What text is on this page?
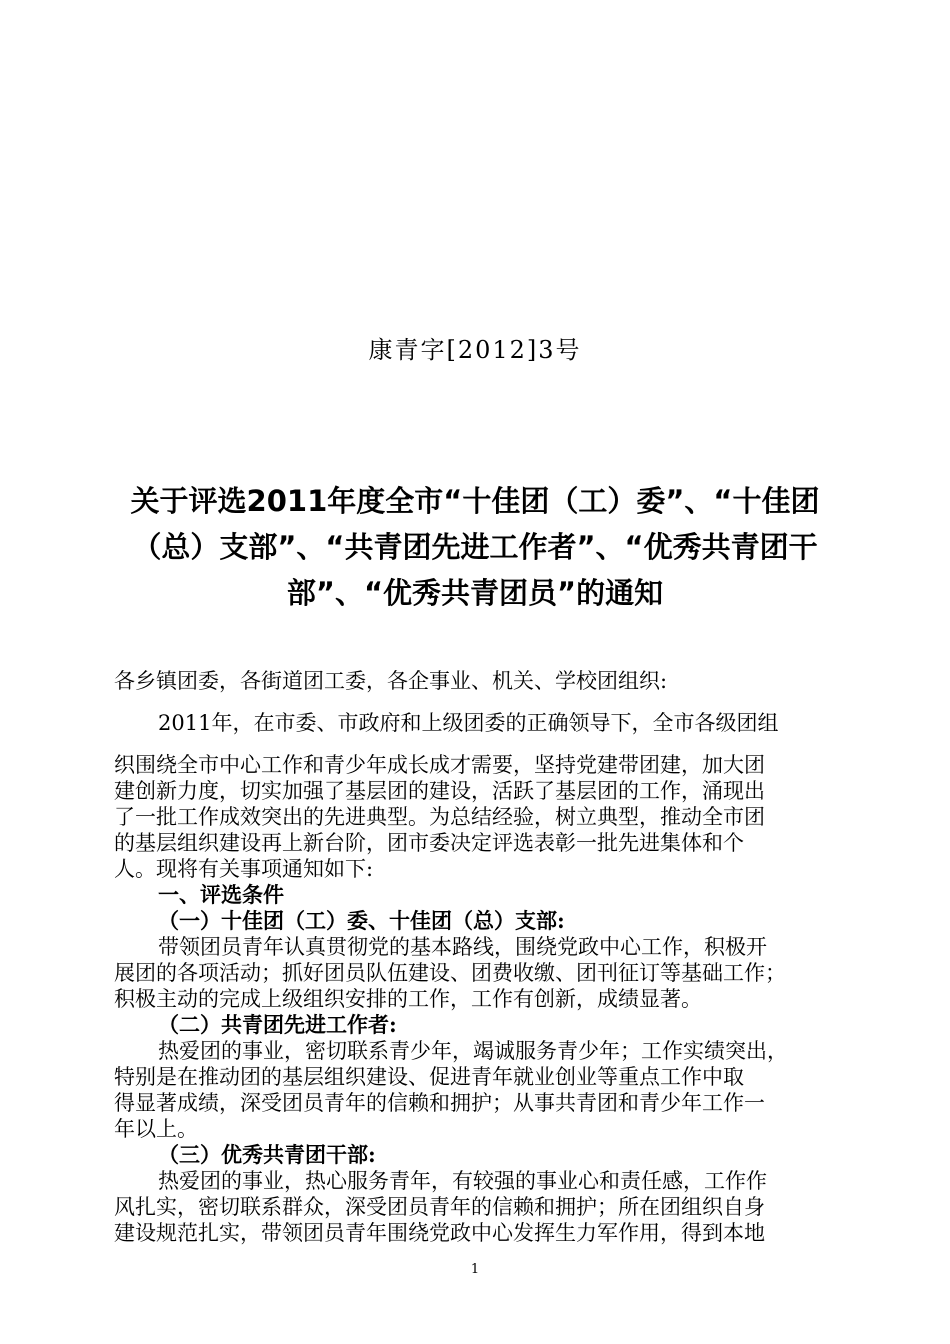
康青字[2012]3号
关于评选2011年度全市“十佳团（工）委”、“十佳团
（总）支部”、“共青团先进工作者”、“优秀共青团干
部”、“优秀共青团员”的通知
各乡镇团委，各街道团工委，各企事业、机关、学校团组织:
2011年，在市委、市政府和上级团委的正确领导下，全市各级团组
织围绕全市中心工作和青少年成长成才需要，坚持党建带团建，加大团
建创新力度，切实加强了基层团的建设，活跃了基层团的工作，涌现出
了一批工作成效突出的先进典型。为总结经验，树立典型，推动全市团
的基层组织建设再上新台阶，团市委决定评选表彰一批先进集体和个
人。现将有关事项通知如下:
一、评选条件
（一）十佳团（工）委、十佳团（总）支部:
带领团员青年认真贯彻党的基本路线，围绕党政中心工作，积极开
展团的各项活动；抓好团员队伍建设、团费收缴、团刊征订等基础工作；
积极主动的完成上级组织安排的工作，工作有创新，成绩显著。
（二）共青团先进工作者:
热爱团的事业，密切联系青少年，竭诚服务青少年；工作实绩突出，
特别是在推动团的基层组织建设、促进青年就业创业等重点工作中取
得显著成绩，深受团员青年的信赖和拥护；从事共青团和青少年工作一
年以上。
（三）优秀共青团干部:
热爱团的事业，热心服务青年，有较强的事业心和责任感，工作作
风扎实，密切联系群众，深受团员青年的信赖和拥护；所在团组织自身
建设规范扎实，带领团员青年围绕党政中心发挥生力军作用，得到本地
1
